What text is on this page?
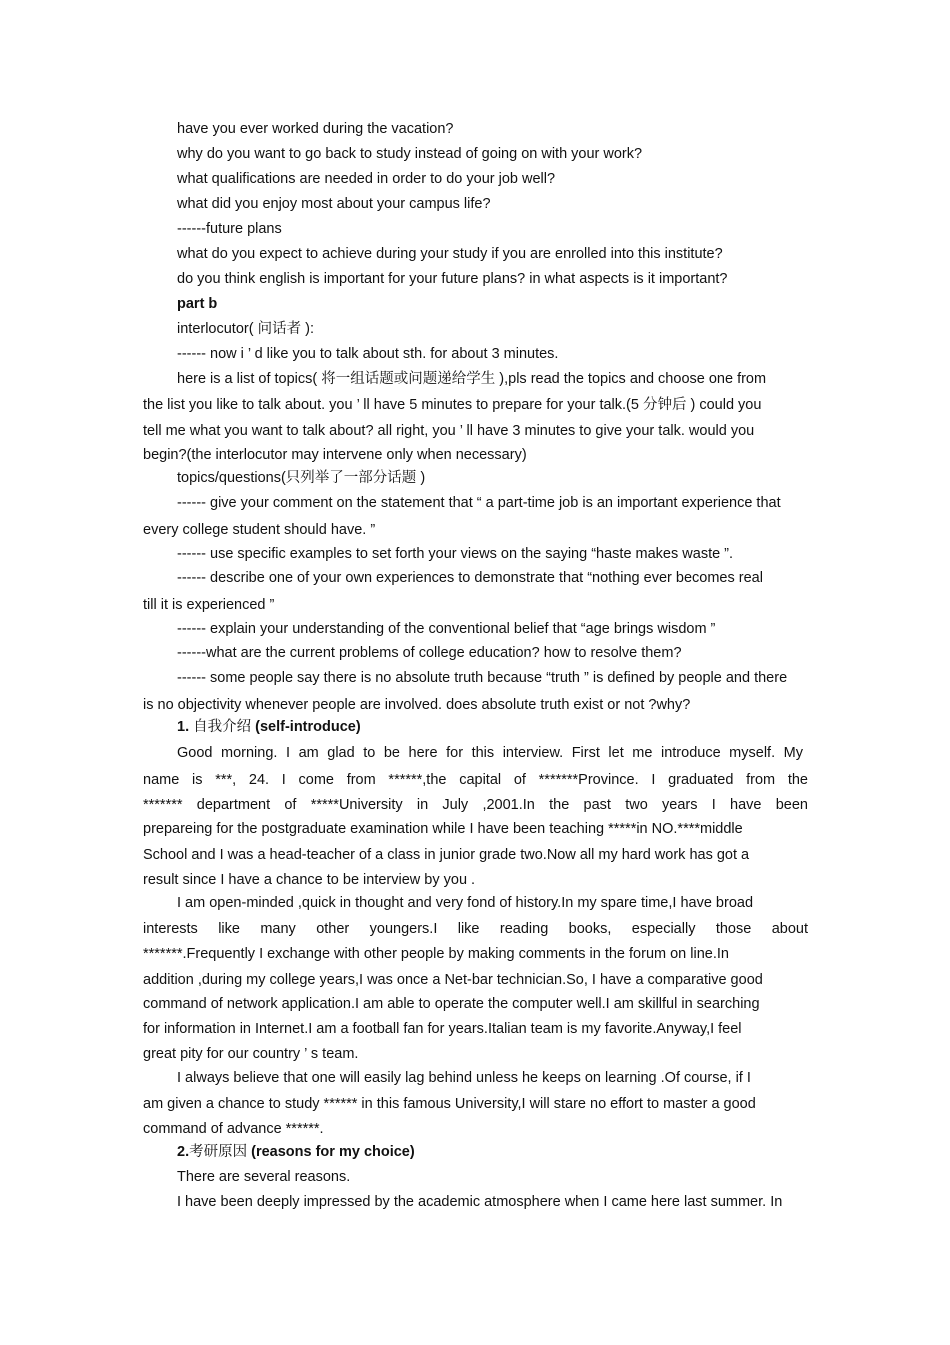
have you ever worked during the vacation?

why do you want to go back to study instead of going on with your work?

what qualifications are needed in order to do your job well?

what did you enjoy most about your campus life?

------future plans

what do you expect to achieve during your study if you are enrolled into this institute?

do you think english is important for your future plans? in what aspects is it important?

part b

interlocutor( 问话者 ):

------ now i ’ d like you to talk about sth. for about 3 minutes.

here is a list of topics( 将一组话题或问题递给学生 ),pls read the topics and choose one from

the list you like to talk about. you ’ ll have 5 minutes to prepare for your talk.(5 分钟后 ) could you

tell me what you want to talk about? all right, you ’ ll have 3 minutes to give your talk. would you

begin?(the interlocutor may intervene only when necessary)

topics/questions(只列举了一部分话题 )

------ give your comment on the statement that “ a part-time job is an important experience that

every college student should have. ”

------ use specific examples to set forth your views on the saying “haste makes waste ”.

------ describe one of your own experiences to demonstrate that “nothing ever becomes real

till it is experienced ”

------ explain your understanding of the conventional belief that “age brings wisdom ”

------what are the current problems of college education? how to resolve them?

------ some people say there is no absolute truth because “truth ” is defined by people and there

is no objectivity whenever people are involved. does absolute truth exist or not ?why?

1. 自我介绍 (self-introduce)

Good morning. I am glad to be here for this interview. First let me introduce myself. My

name is ***, 24. I come from ******,the capital of *******Province. I graduated from the

******* department of *****University in July ,2001.In the past two years I have been

prepareing for the postgraduate examination while I have been teaching *****in NO.****middle

School and I was a head-teacher of a class in junior grade two.Now all my hard work has got a

result since I have a chance to be interview by you .

I am open-minded ,quick in thought and very fond of history.In my spare time,I have broad

interests like many other youngers.I like reading books, especially those about

*******.Frequently I exchange with other people by making comments in the forum on line.In

addition ,during my college years,I was once a Net-bar technician.So, I have a comparative good

command of network application.I am able to operate the computer well.I am skillful in searching

for information in Internet.I am a football fan for years.Italian team is my favorite.Anyway,I feel

great pity for our country ’ s team.

I always believe that one will easily lag behind unless he keeps on learning .Of course, if I

am given a chance to study ****** in this famous University,I will stare no effort to master a good

command of advance ******.

2.考研原因 (reasons for my choice)

There are several reasons.

I have been deeply impressed by the academic atmosphere when I came here last summer. In
